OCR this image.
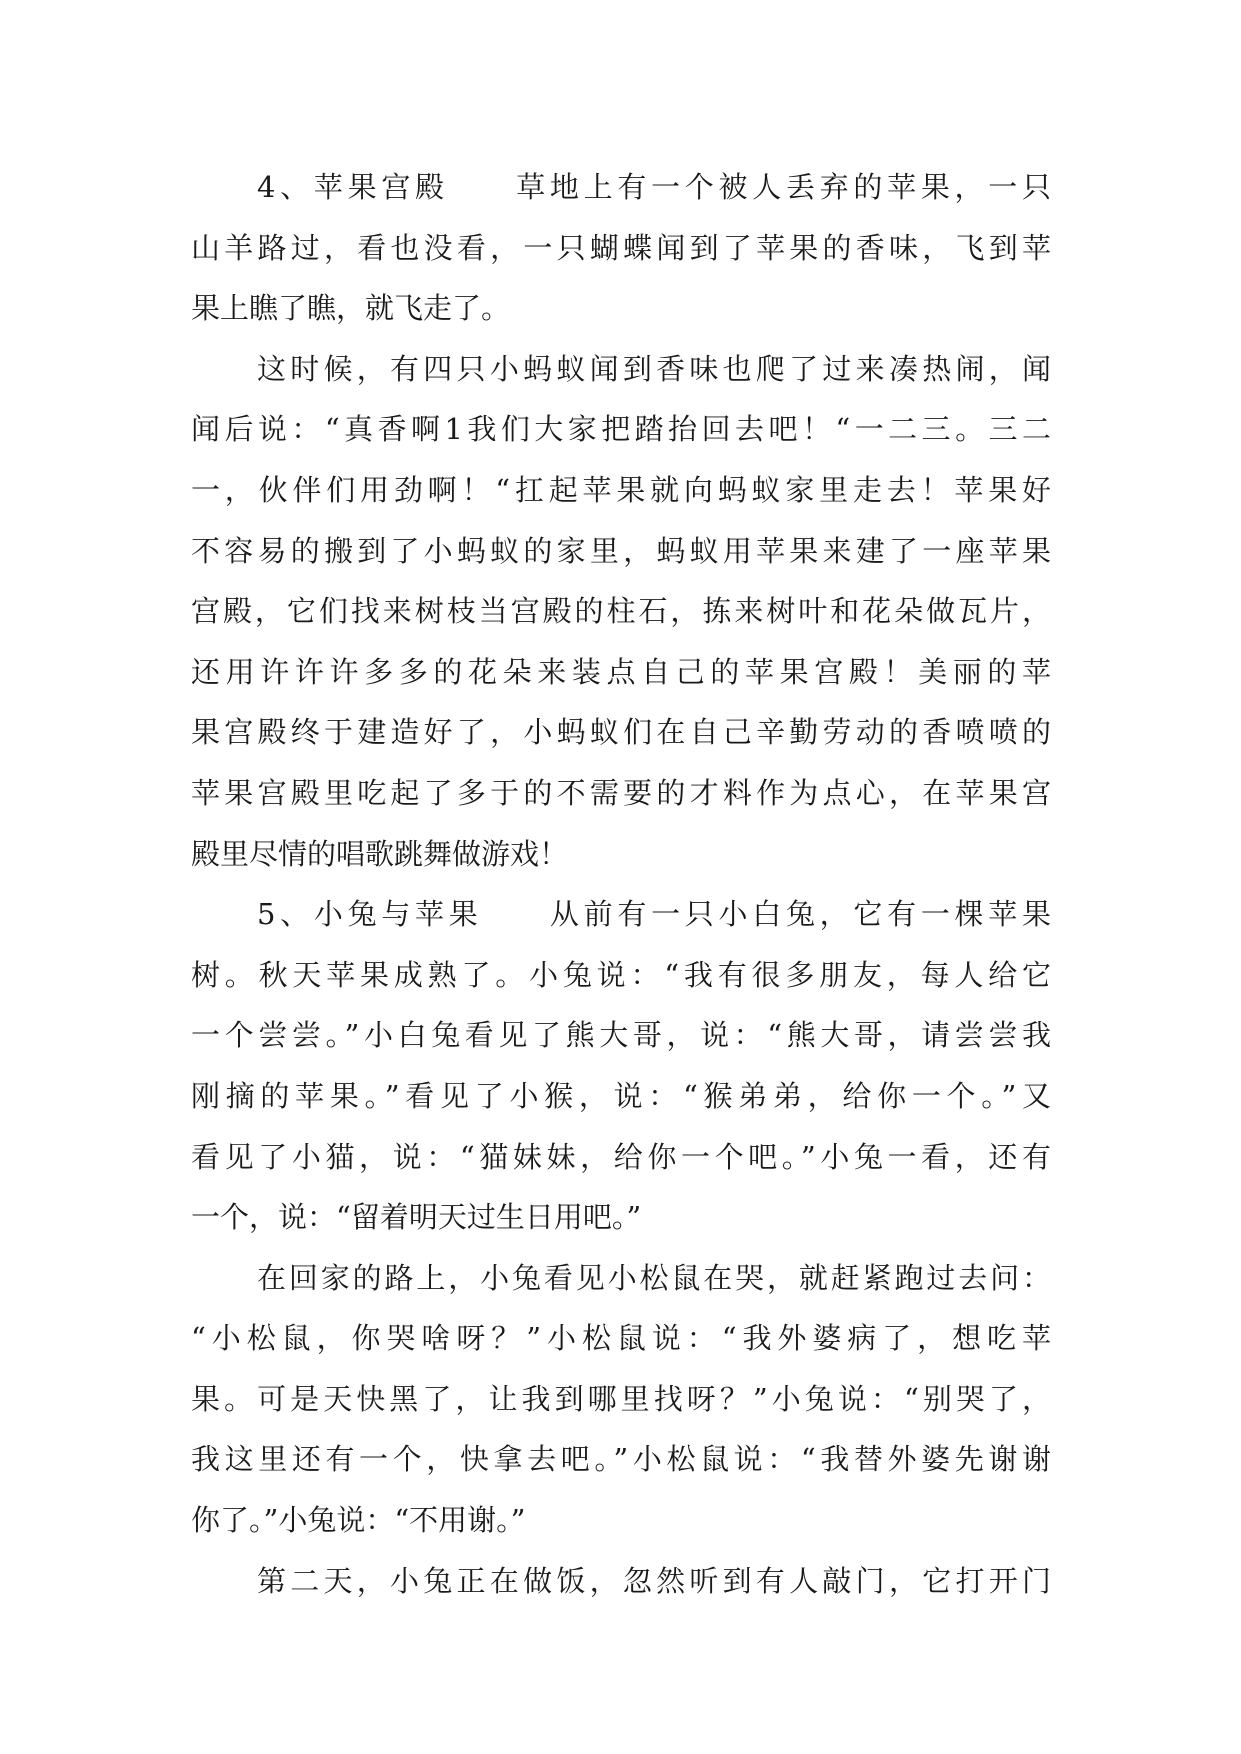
4、苹果宫殿　　草地上有一个被人丢弃的苹果，一只
山羊路过，看也没看，一只蝴蝶闻到了苹果的香味，飞到苹
果上瞧了瞧，就飞走了。
这时候，有四只小蚂蚁闻到香味也爬了过来凑热闹，闻
闻后说：“真香啊1我们大家把踏抬回去吧！“一二三。三二
一，伙伴们用劲啊！“扛起苹果就向蚂蚁家里走去！苹果好
不容易的搬到了小蚂蚁的家里，蚂蚁用苹果来建了一座苹果
宫殿，它们找来树枝当宫殿的柱石，拣来树叶和花朵做瓦片，
还用许许许多多的花朵来装点自己的苹果宫殿！美丽的苹
果宫殿终于建造好了，小蚂蚁们在自己辛勤劳动的香喷喷的
苹果宫殿里吃起了多于的不需要的才料作为点心，在苹果宫
殿里尽情的唱歌跳舞做游戏！
5、小兔与苹果　　从前有一只小白兔，它有一棵苹果
树。秋天苹果成熟了。小兔说：“我有很多朋友，每人给它
一个尝尝。”小白兔看见了熊大哥，说：“熊大哥，请尝尝我
刚摘的苹果。”看见了小猴，说：“猴弟弟，给你一个。”又
看见了小猫，说：“猫妹妹，给你一个吧。”小兔一看，还有
一个，说：“留着明天过生日用吧。”
在回家的路上，小兔看见小松鼠在哭，就赶紧跑过去问：
“小松鼠，你哭啥呀？”小松鼠说：“我外婆病了，想吃苹
果。可是天快黑了，让我到哪里找呀？”小兔说：“别哭了，
我这里还有一个，快拿去吧。”小松鼠说：“我替外婆先谢谢
你了。”小兔说：“不用谢。”
第二天，小兔正在做饭，忽然听到有人敲门，它打开门
